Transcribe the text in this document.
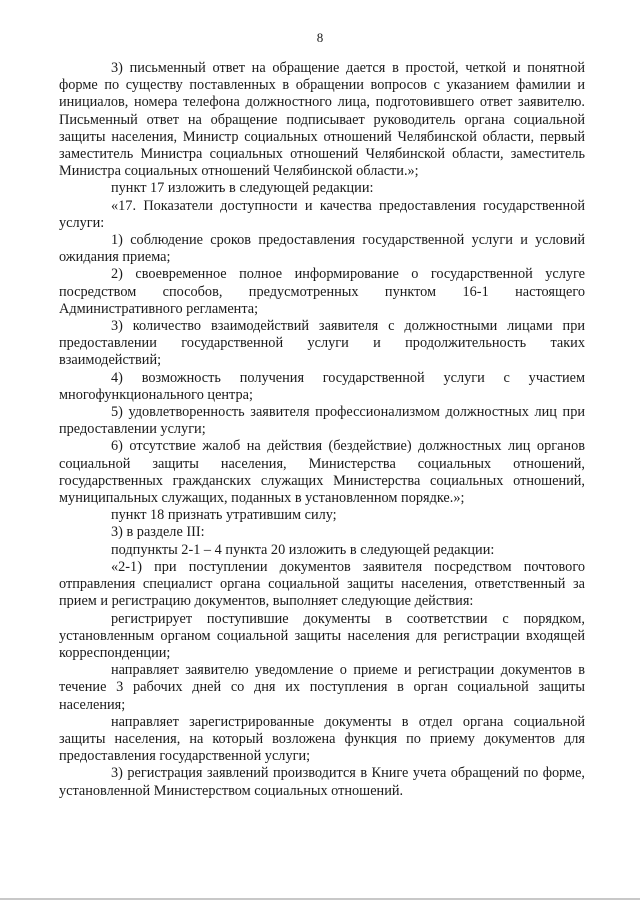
8

3) письменный ответ на обращение дается в простой, четкой и понятной форме по существу поставленных в обращении вопросов с указанием фамилии и инициалов, номера телефона должностного лица, подготовившего ответ заявителю. Письменный ответ на обращение подписывает руководитель органа социальной защиты населения, Министр социальных отношений Челябинской области, первый заместитель Министра социальных отношений Челябинской области, заместитель Министра социальных отношений Челябинской области.»;

пункт 17 изложить в следующей редакции:

«17. Показатели доступности и качества предоставления государственной услуги:

1) соблюдение сроков предоставления государственной услуги и условий ожидания приема;

2) своевременное полное информирование о государственной услуге посредством способов, предусмотренных пунктом 16-1 настоящего Административного регламента;

3) количество взаимодействий заявителя с должностными лицами при предоставлении государственной услуги и продолжительность таких взаимодействий;

4) возможность получения государственной услуги с участием многофункционального центра;

5) удовлетворенность заявителя профессионализмом должностных лиц при предоставлении услуги;

6) отсутствие жалоб на действия (бездействие) должностных лиц органов социальной защиты населения, Министерства социальных отношений, государственных гражданских служащих Министерства социальных отношений, муниципальных служащих, поданных в установленном порядке.»;

пункт 18 признать утратившим силу;

3) в разделе III:

подпункты 2-1 – 4 пункта 20 изложить в следующей редакции:

«2-1) при поступлении документов заявителя посредством почтового отправления специалист органа социальной защиты населения, ответственный за прием и регистрацию документов, выполняет следующие действия:

регистрирует поступившие документы в соответствии с порядком, установленным органом социальной защиты населения для регистрации входящей корреспонденции;

направляет заявителю уведомление о приеме и регистрации документов в течение 3 рабочих дней со дня их поступления в орган социальной защиты населения;

направляет зарегистрированные документы в отдел органа социальной защиты населения, на который возложена функция по приему документов для предоставления государственной услуги;

3) регистрация заявлений производится в Книге учета обращений по форме, установленной Министерством социальных отношений.
